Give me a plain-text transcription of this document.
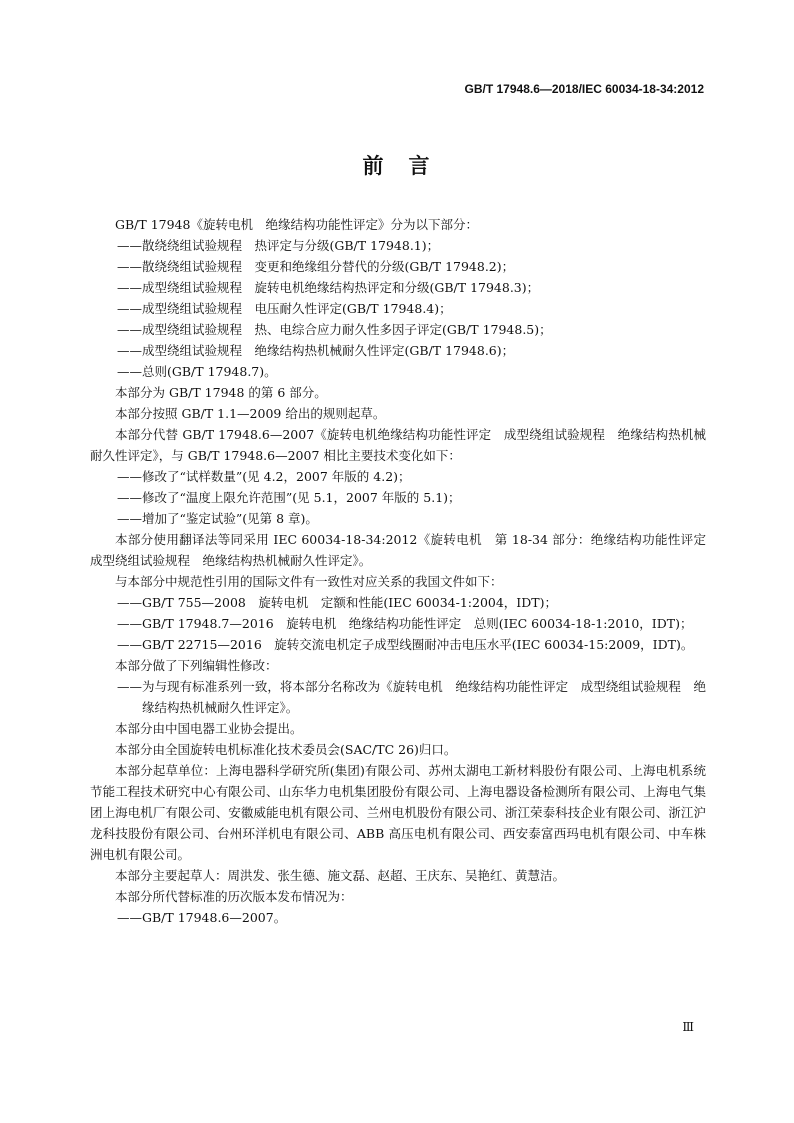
GB/T 17948.6—2018/IEC 60034-18-34:2012
前　言

GB/T 17948《旋转电机　绝缘结构功能性评定》分为以下部分：

——散绕绕组试验规程　热评定与分级(GB/T 17948.1)；

——散绕绕组试验规程　变更和绝缘组分替代的分级(GB/T 17948.2)；

——成型绕组试验规程　旋转电机绝缘结构热评定和分级(GB/T 17948.3)；

——成型绕组试验规程　电压耐久性评定(GB/T 17948.4)；

——成型绕组试验规程　热、电综合应力耐久性多因子评定(GB/T 17948.5)；

——成型绕组试验规程　绝缘结构热机械耐久性评定(GB/T 17948.6)；

——总则(GB/T 17948.7)。

本部分为 GB/T 17948 的第 6 部分。

本部分按照 GB/T 1.1—2009 给出的规则起草。

本部分代替 GB/T 17948.6—2007《旋转电机绝缘结构功能性评定　成型绕组试验规程　绝缘结构热机械耐久性评定》，与 GB/T 17948.6—2007 相比主要技术变化如下：

——修改了“试样数量”(见 4.2，2007 年版的 4.2)；

——修改了“温度上限允许范围”(见 5.1，2007 年版的 5.1)；

——增加了“鉴定试验”(见第 8 章)。

本部分使用翻译法等同采用 IEC 60034-18-34:2012《旋转电机　第 18-34 部分：绝缘结构功能性评定　成型绕组试验规程　绝缘结构热机械耐久性评定》。

与本部分中规范性引用的国际文件有一致性对应关系的我国文件如下：

——GB/T 755—2008　旋转电机　定额和性能(IEC 60034-1:2004，IDT)；

——GB/T 17948.7—2016　旋转电机　绝缘结构功能性评定　总则(IEC 60034-18-1:2010，IDT)；

——GB/T 22715—2016　旋转交流电机定子成型线圈耐冲击电压水平(IEC 60034-15:2009，IDT)。

本部分做了下列编辑性修改：

——为与现有标准系列一致，将本部分名称改为《旋转电机　绝缘结构功能性评定　成型绕组试验规程　绝缘结构热机械耐久性评定》。

本部分由中国电器工业协会提出。

本部分由全国旋转电机标准化技术委员会(SAC/TC 26)归口。

本部分起草单位：上海电器科学研究所(集团)有限公司、苏州太湖电工新材料股份有限公司、上海电机系统节能工程技术研究中心有限公司、山东华力电机集团股份有限公司、上海电器设备检测所有限公司、上海电气集团上海电机厂有限公司、安徽威能电机有限公司、兰州电机股份有限公司、浙江荣泰科技企业有限公司、浙江沪龙科技股份有限公司、台州环洋机电有限公司、ABB 高压电机有限公司、西安泰富西玛电机有限公司、中车株洲电机有限公司。

本部分主要起草人：周洪发、张生德、施文磊、赵超、王庆东、吴艳红、黄慧洁。

本部分所代替标准的历次版本发布情况为：

——GB/T 17948.6—2007。

Ⅲ
